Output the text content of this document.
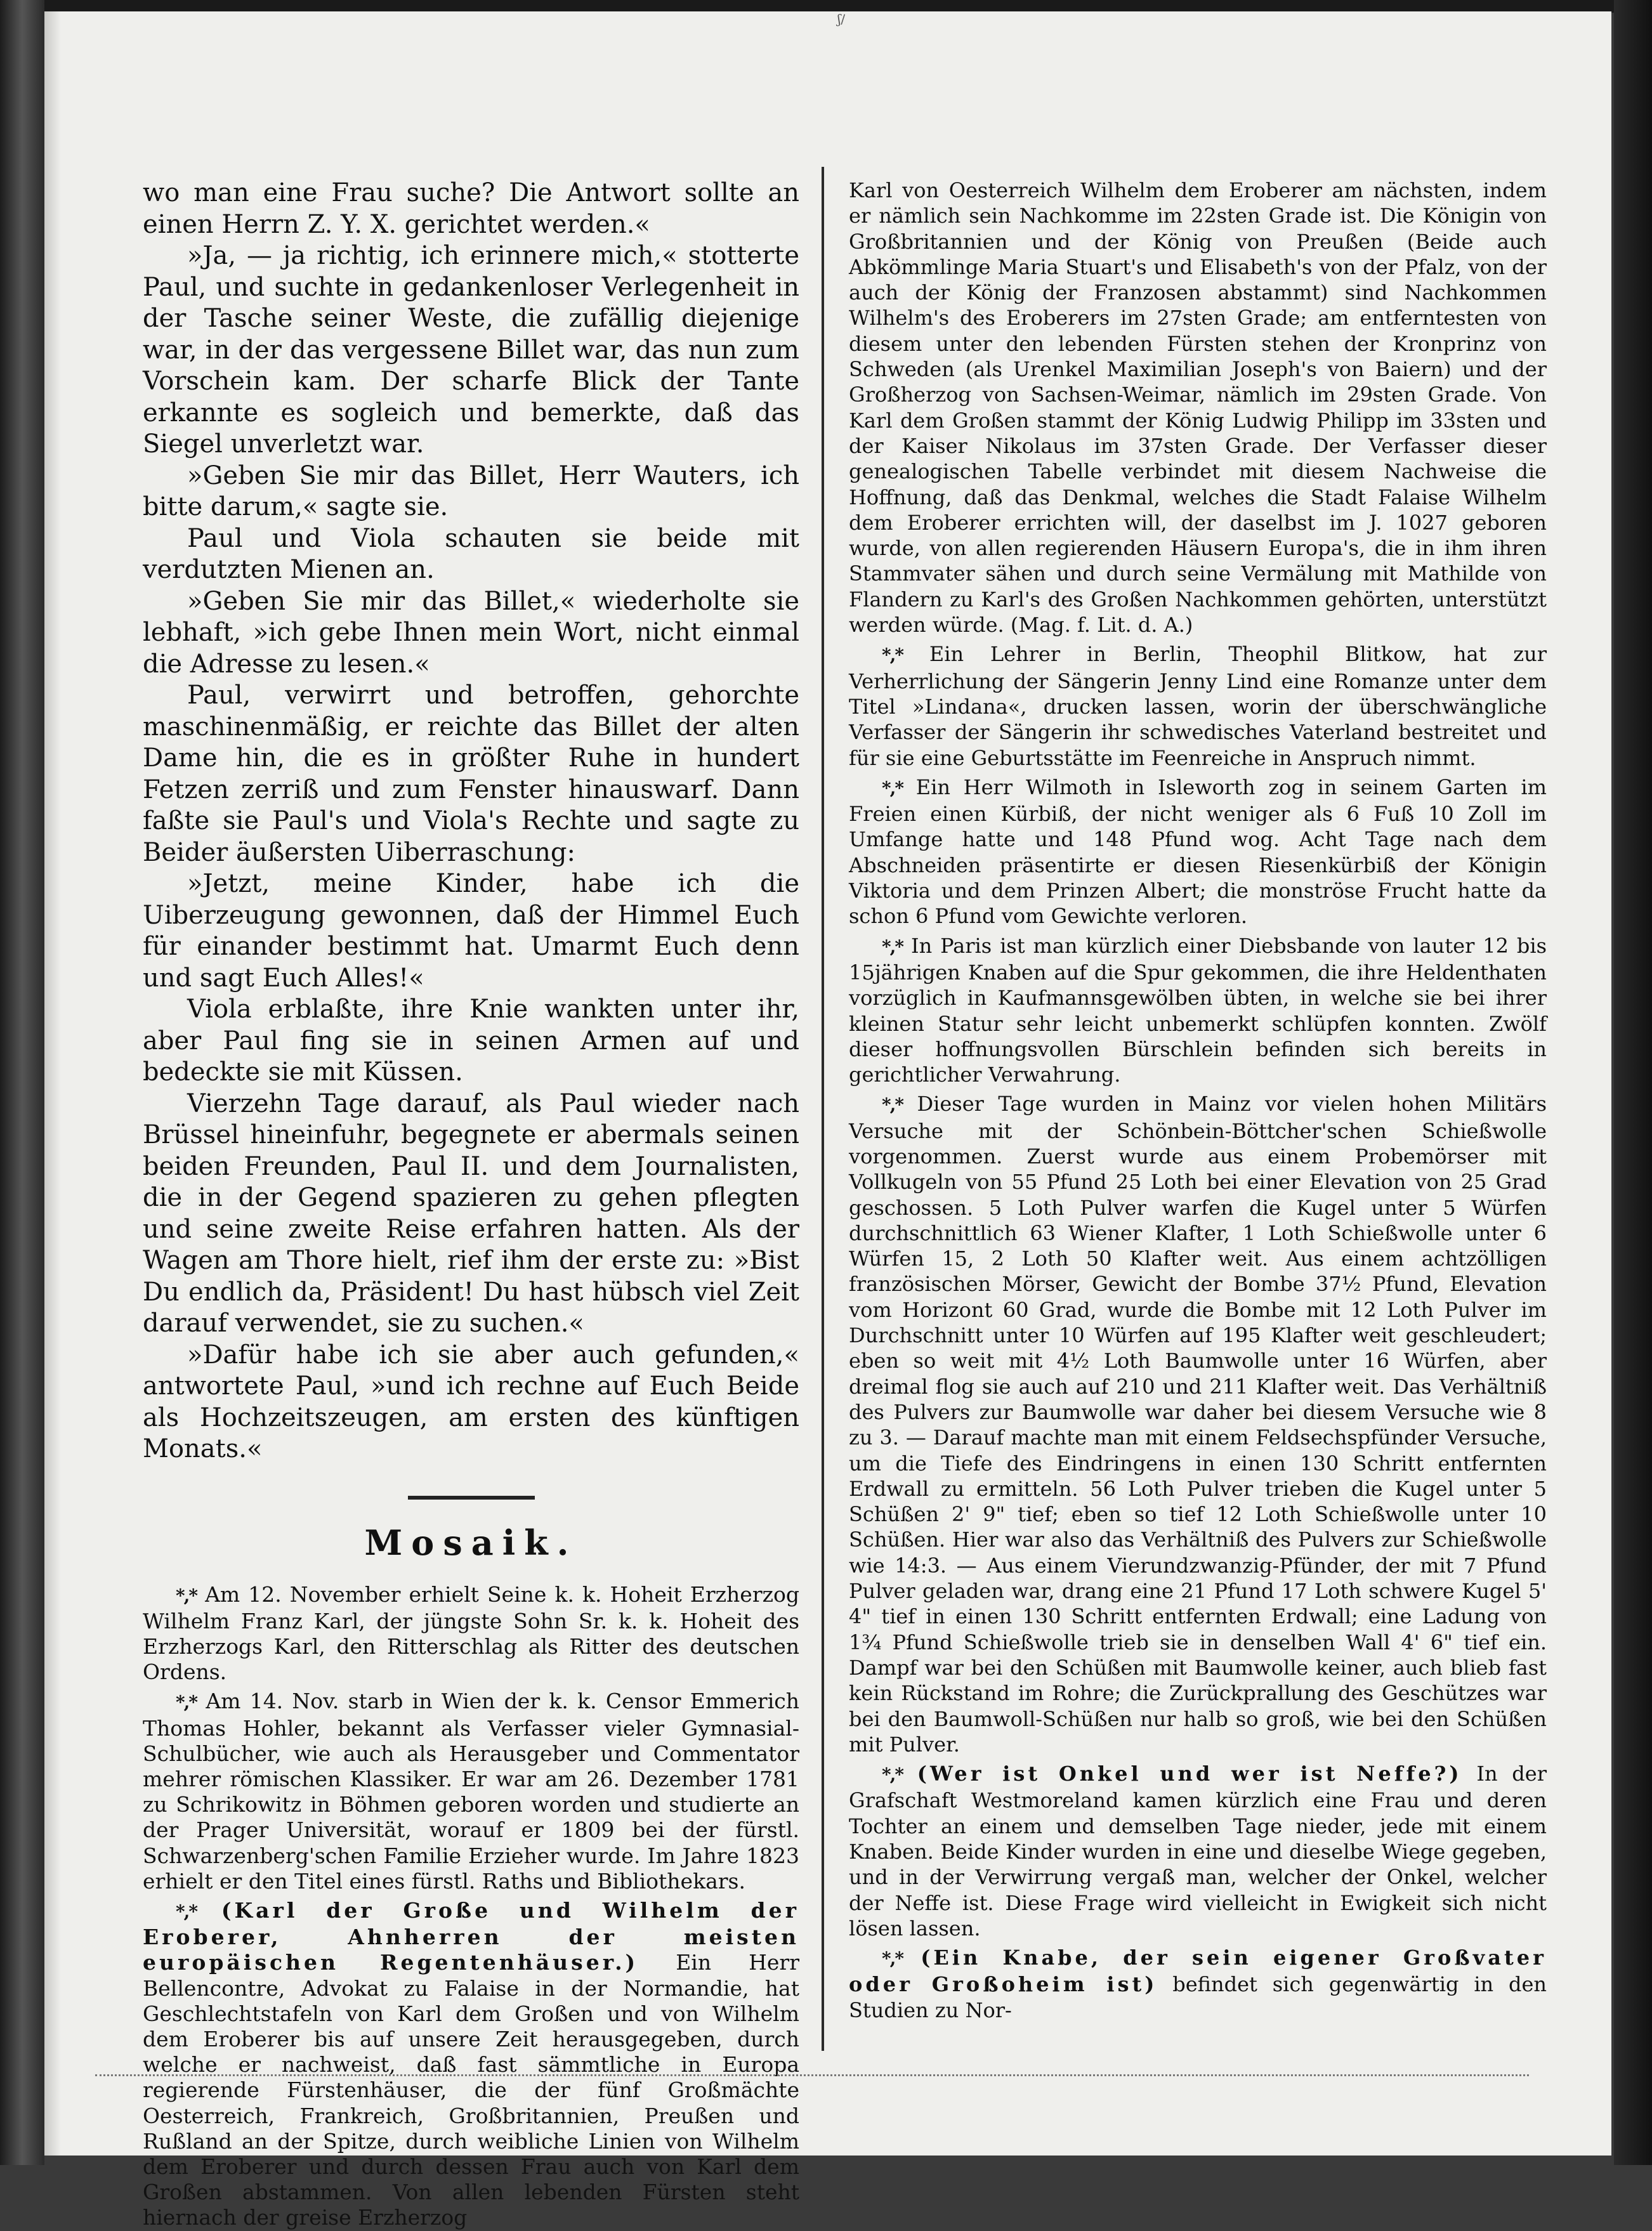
ʃ/

wo man eine Frau suche? Die Antwort sollte an einen Herrn Z. Y. X. gerichtet werden.«

»Ja, — ja richtig, ich erinnere mich,« stotterte Paul, und suchte in gedankenloser Verlegenheit in der Tasche seiner Weste, die zufällig diejenige war, in der das vergessene Billet war, das nun zum Vorschein kam. Der scharfe Blick der Tante erkannte es sogleich und bemerkte, daß das Siegel unverletzt war.

»Geben Sie mir das Billet, Herr Wauters, ich bitte darum,« sagte sie.

Paul und Viola schauten sie beide mit verdutzten Mienen an.

»Geben Sie mir das Billet,« wiederholte sie lebhaft, »ich gebe Ihnen mein Wort, nicht einmal die Adresse zu lesen.«

Paul, verwirrt und betroffen, gehorchte maschinenmäßig, er reichte das Billet der alten Dame hin, die es in größter Ruhe in hundert Fetzen zerriß und zum Fenster hinauswarf. Dann faßte sie Paul's und Viola's Rechte und sagte zu Beider äußersten Uiberraschung:

»Jetzt, meine Kinder, habe ich die Uiberzeugung gewonnen, daß der Himmel Euch für einander bestimmt hat. Umarmt Euch denn und sagt Euch Alles!«

Viola erblaßte, ihre Knie wankten unter ihr, aber Paul fing sie in seinen Armen auf und bedeckte sie mit Küssen.

Vierzehn Tage darauf, als Paul wieder nach Brüssel hineinfuhr, begegnete er abermals seinen beiden Freunden, Paul II. und dem Journalisten, die in der Gegend spazieren zu gehen pflegten und seine zweite Reise erfahren hatten. Als der Wagen am Thore hielt, rief ihm der erste zu: »Bist Du endlich da, Präsident! Du hast hübsch viel Zeit darauf verwendet, sie zu suchen.«

»Dafür habe ich sie aber auch gefunden,« antwortete Paul, »und ich rechne auf Euch Beide als Hochzeitszeugen, am ersten des künftigen Monats.«

Mosaik.

*,* Am 12. November erhielt Seine k. k. Hoheit Erzherzog Wilhelm Franz Karl, der jüngste Sohn Sr. k. k. Hoheit des Erzherzogs Karl, den Ritterschlag als Ritter des deutschen Ordens.

*,* Am 14. Nov. starb in Wien der k. k. Censor Emmerich Thomas Hohler, bekannt als Verfasser vieler Gymnasial-Schulbücher, wie auch als Herausgeber und Commentator mehrer römischen Klassiker. Er war am 26. Dezember 1781 zu Schrikowitz in Böhmen geboren worden und studierte an der Prager Universität, worauf er 1809 bei der fürstl. Schwarzenberg'schen Familie Erzieher wurde. Im Jahre 1823 erhielt er den Titel eines fürstl. Raths und Bibliothekars.

*,* (Karl der Große und Wilhelm der Eroberer, Ahnherren der meisten europäischen Regentenhäuser.) Ein Herr Bellencontre, Advokat zu Falaise in der Normandie, hat Geschlechtstafeln von Karl dem Großen und von Wilhelm dem Eroberer bis auf unsere Zeit herausgegeben, durch welche er nachweist, daß fast sämmtliche in Europa regierende Fürstenhäuser, die der fünf Großmächte Oesterreich, Frankreich, Großbritannien, Preußen und Rußland an der Spitze, durch weibliche Linien von Wilhelm dem Eroberer und durch dessen Frau auch von Karl dem Großen abstammen. Von allen lebenden Fürsten steht hiernach der greise Erzherzog

Karl von Oesterreich Wilhelm dem Eroberer am nächsten, indem er nämlich sein Nachkomme im 22sten Grade ist. Die Königin von Großbritannien und der König von Preußen (Beide auch Abkömmlinge Maria Stuart's und Elisabeth's von der Pfalz, von der auch der König der Franzosen abstammt) sind Nachkommen Wilhelm's des Eroberers im 27sten Grade; am entferntesten von diesem unter den lebenden Fürsten stehen der Kronprinz von Schweden (als Urenkel Maximilian Joseph's von Baiern) und der Großherzog von Sachsen-Weimar, nämlich im 29sten Grade. Von Karl dem Großen stammt der König Ludwig Philipp im 33sten und der Kaiser Nikolaus im 37sten Grade. Der Verfasser dieser genealogischen Tabelle verbindet mit diesem Nachweise die Hoffnung, daß das Denkmal, welches die Stadt Falaise Wilhelm dem Eroberer errichten will, der daselbst im J. 1027 geboren wurde, von allen regierenden Häusern Europa's, die in ihm ihren Stammvater sähen und durch seine Vermälung mit Mathilde von Flandern zu Karl's des Großen Nachkommen gehörten, unterstützt werden würde. (Mag. f. Lit. d. A.)

*,* Ein Lehrer in Berlin, Theophil Blitkow, hat zur Verherrlichung der Sängerin Jenny Lind eine Romanze unter dem Titel »Lindana«, drucken lassen, worin der überschwängliche Verfasser der Sängerin ihr schwedisches Vaterland bestreitet und für sie eine Geburtsstätte im Feenreiche in Anspruch nimmt.

*,* Ein Herr Wilmoth in Isleworth zog in seinem Garten im Freien einen Kürbiß, der nicht weniger als 6 Fuß 10 Zoll im Umfange hatte und 148 Pfund wog. Acht Tage nach dem Abschneiden präsentirte er diesen Riesenkürbiß der Königin Viktoria und dem Prinzen Albert; die monströse Frucht hatte da schon 6 Pfund vom Gewichte verloren.

*,* In Paris ist man kürzlich einer Diebsbande von lauter 12 bis 15jährigen Knaben auf die Spur gekommen, die ihre Heldenthaten vorzüglich in Kaufmannsgewölben übten, in welche sie bei ihrer kleinen Statur sehr leicht unbemerkt schlüpfen konnten. Zwölf dieser hoffnungsvollen Bürschlein befinden sich bereits in gerichtlicher Verwahrung.

*,* Dieser Tage wurden in Mainz vor vielen hohen Militärs Versuche mit der Schönbein-Böttcher'schen Schießwolle vorgenommen. Zuerst wurde aus einem Probemörser mit Vollkugeln von 55 Pfund 25 Loth bei einer Elevation von 25 Grad geschossen. 5 Loth Pulver warfen die Kugel unter 5 Würfen durchschnittlich 63 Wiener Klafter, 1 Loth Schießwolle unter 6 Würfen 15, 2 Loth 50 Klafter weit. Aus einem achtzölligen französischen Mörser, Gewicht der Bombe 37½ Pfund, Elevation vom Horizont 60 Grad, wurde die Bombe mit 12 Loth Pulver im Durchschnitt unter 10 Würfen auf 195 Klafter weit geschleudert; eben so weit mit 4½ Loth Baumwolle unter 16 Würfen, aber dreimal flog sie auch auf 210 und 211 Klafter weit. Das Verhältniß des Pulvers zur Baumwolle war daher bei diesem Versuche wie 8 zu 3. — Darauf machte man mit einem Feldsechspfünder Versuche, um die Tiefe des Eindringens in einen 130 Schritt entfernten Erdwall zu ermitteln. 56 Loth Pulver trieben die Kugel unter 5 Schüßen 2' 9" tief; eben so tief 12 Loth Schießwolle unter 10 Schüßen. Hier war also das Verhältniß des Pulvers zur Schießwolle wie 14:3. — Aus einem Vierundzwanzig-Pfünder, der mit 7 Pfund Pulver geladen war, drang eine 21 Pfund 17 Loth schwere Kugel 5' 4" tief in einen 130 Schritt entfernten Erdwall; eine Ladung von 1¾ Pfund Schießwolle trieb sie in denselben Wall 4' 6" tief ein. Dampf war bei den Schüßen mit Baumwolle keiner, auch blieb fast kein Rückstand im Rohre; die Zurückprallung des Geschützes war bei den Baumwoll-Schüßen nur halb so groß, wie bei den Schüßen mit Pulver.

*,* (Wer ist Onkel und wer ist Neffe?) In der Grafschaft Westmoreland kamen kürzlich eine Frau und deren Tochter an einem und demselben Tage nieder, jede mit einem Knaben. Beide Kinder wurden in eine und dieselbe Wiege gegeben, und in der Verwirrung vergaß man, welcher der Onkel, welcher der Neffe ist. Diese Frage wird vielleicht in Ewigkeit sich nicht lösen lassen.

*,* (Ein Knabe, der sein eigener Großvater oder Großoheim ist) befindet sich gegenwärtig in den Studien zu Nor-
